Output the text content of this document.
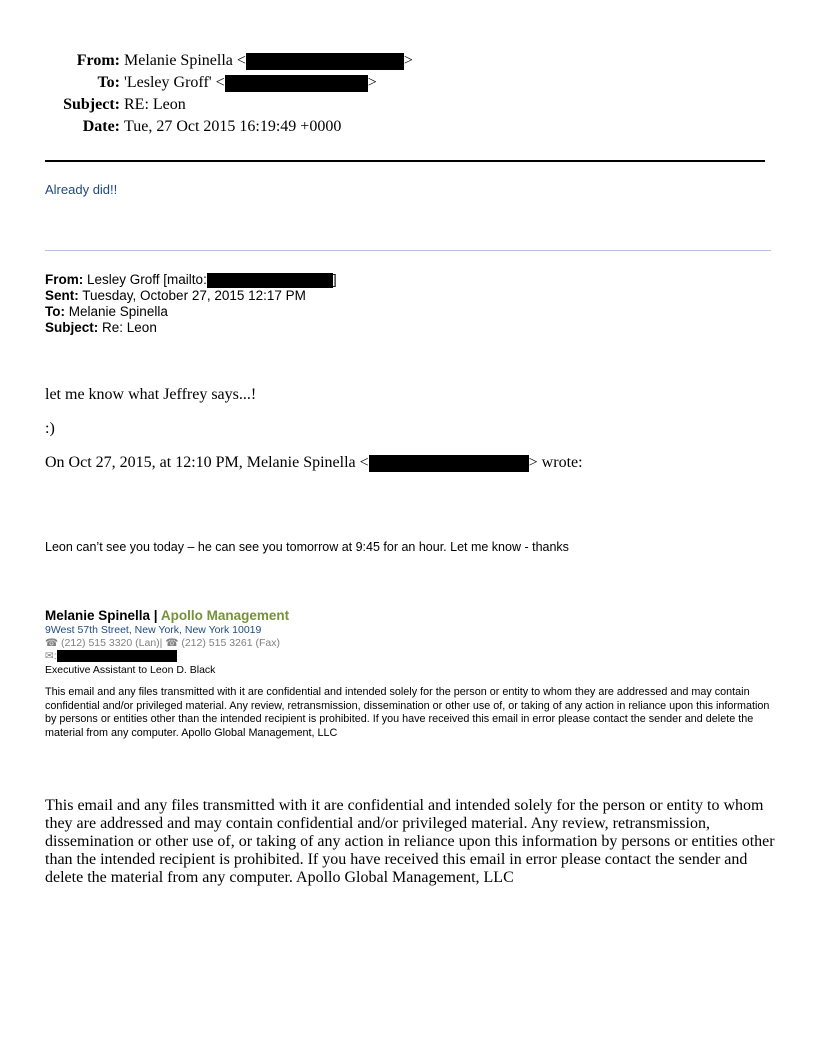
From: Melanie Spinella <	>
To: 'Lesley Groff' <	>
Subject: RE: Leon
Date: Tue, 27 Oct 2015 16:19:49 +0000
Already did!!
From: Lesley Groff [mailto:	]
Sent: Tuesday, October 27, 2015 12:17 PM
To: Melanie Spinella
Subject: Re: Leon
let me know what Jeffrey says...!
:)
On Oct 27, 2015, at 12:10 PM, Melanie Spinella <	> wrote:
Leon can’t see you today – he can see you tomorrow at 9:45 for an hour. Let me know - thanks
Melanie Spinella | Apollo Management
9West 57th Street, New York, New York 10019
☎ (212) 515 3320 (Lan)| ☎ (212) 515 3261 (Fax)
✉:
Executive Assistant to Leon D. Black
This email and any files transmitted with it are confidential and intended solely for the person or entity to whom they are addressed and may contain confidential and/or privileged material. Any review, retransmission, dissemination or other use of, or taking of any action in reliance upon this information by persons or entities other than the intended recipient is prohibited. If you have received this email in error please contact the sender and delete the material from any computer. Apollo Global Management, LLC
This email and any files transmitted with it are confidential and intended solely for the person or entity to whom they are addressed and may contain confidential and/or privileged material. Any review, retransmission, dissemination or other use of, or taking of any action in reliance upon this information by persons or entities other than the intended recipient is prohibited. If you have received this email in error please contact the sender and delete the material from any computer. Apollo Global Management, LLC
